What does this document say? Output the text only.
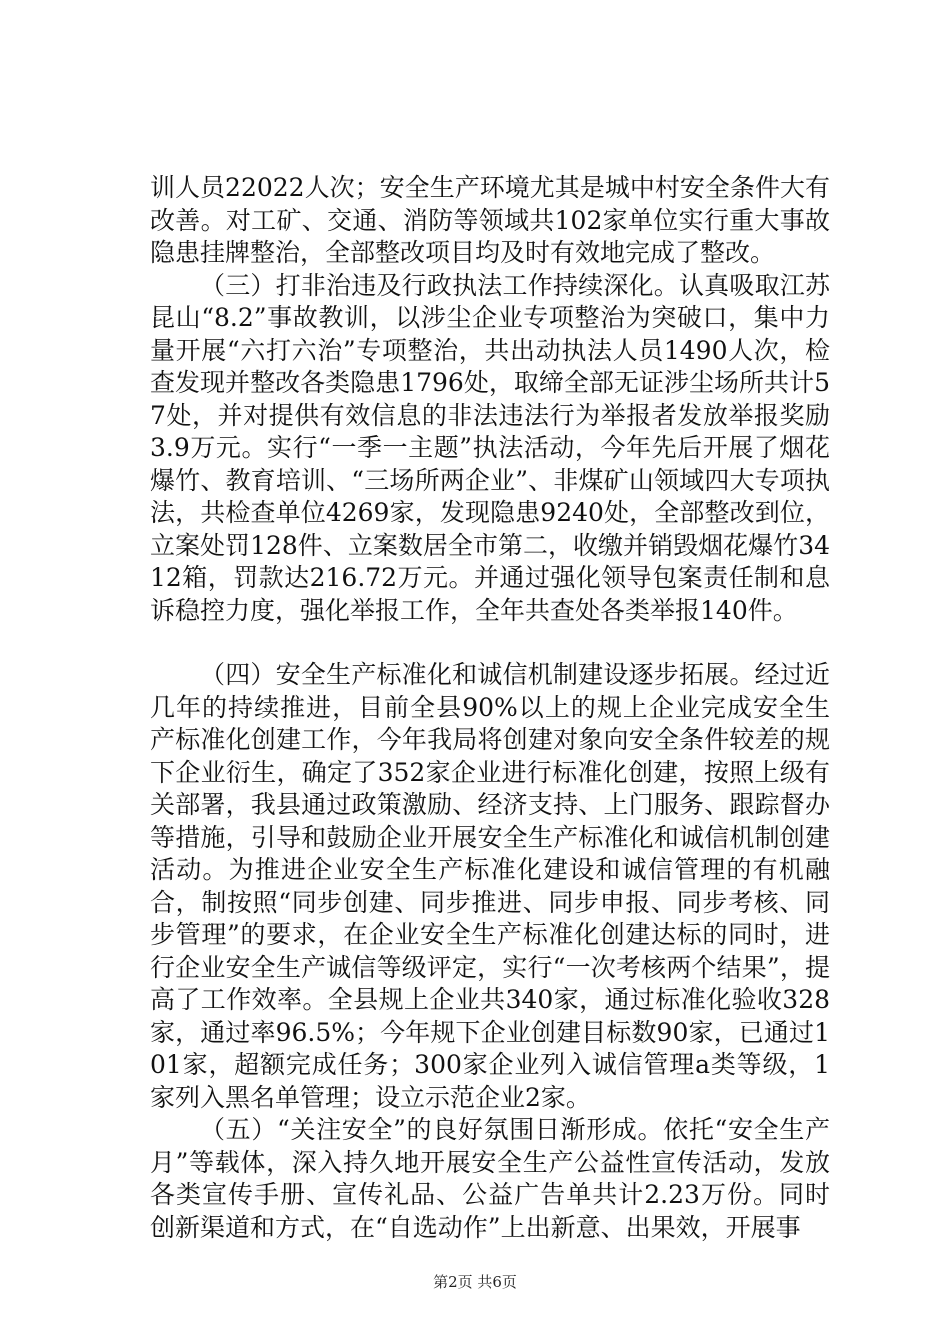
训人员22022人次；安全生产环境尤其是城中村安全条件大有改善。对工矿、交通、消防等领域共102家单位实行重大事故隐患挂牌整治，全部整改项目均及时有效地完成了整改。

（三）打非治违及行政执法工作持续深化。认真吸取江苏昆山“8.2”事故教训，以涉尘企业专项整治为突破口，集中力量开展“六打六治”专项整治，共出动执法人员1490人次，检查发现并整改各类隐患1796处，取缔全部无证涉尘场所共计57处，并对提供有效信息的非法违法行为举报者发放举报奖励3.9万元。实行“一季一主题”执法活动，今年先后开展了烟花爆竹、教育培训、“三场所两企业”、非煤矿山领域四大专项执法，共检查单位4269家，发现隐患9240处，全部整改到位，立案处罚128件、立案数居全市第二，收缴并销毁烟花爆竹3412箱，罚款达216.72万元。并通过强化领导包案责任制和息诉稳控力度，强化举报工作，全年共查处各类举报140件。

（四）安全生产标准化和诚信机制建设逐步拓展。经过近几年的持续推进，目前全县90%以上的规上企业完成安全生产标准化创建工作，今年我局将创建对象向安全条件较差的规下企业衍生，确定了352家企业进行标准化创建，按照上级有关部署，我县通过政策激励、经济支持、上门服务、跟踪督办等措施，引导和鼓励企业开展安全生产标准化和诚信机制创建活动。为推进企业安全生产标准化建设和诚信管理的有机融合，制按照“同步创建、同步推进、同步申报、同步考核、同步管理”的要求，在企业安全生产标准化创建达标的同时，进行企业安全生产诚信等级评定，实行“一次考核两个结果”，提高了工作效率。全县规上企业共340家，通过标准化验收328家，通过率96.5%；今年规下企业创建目标数90家，已通过101家，超额完成任务；300家企业列入诚信管理a类等级，1家列入黑名单管理；设立示范企业2家。

（五）“关注安全”的良好氛围日渐形成。依托“安全生产月”等载体，深入持久地开展安全生产公益性宣传活动，发放各类宣传手册、宣传礼品、公益广告单共计2.23万份。同时创新渠道和方式，在“自选动作”上出新意、出果效，开展事

第2页 共6页
